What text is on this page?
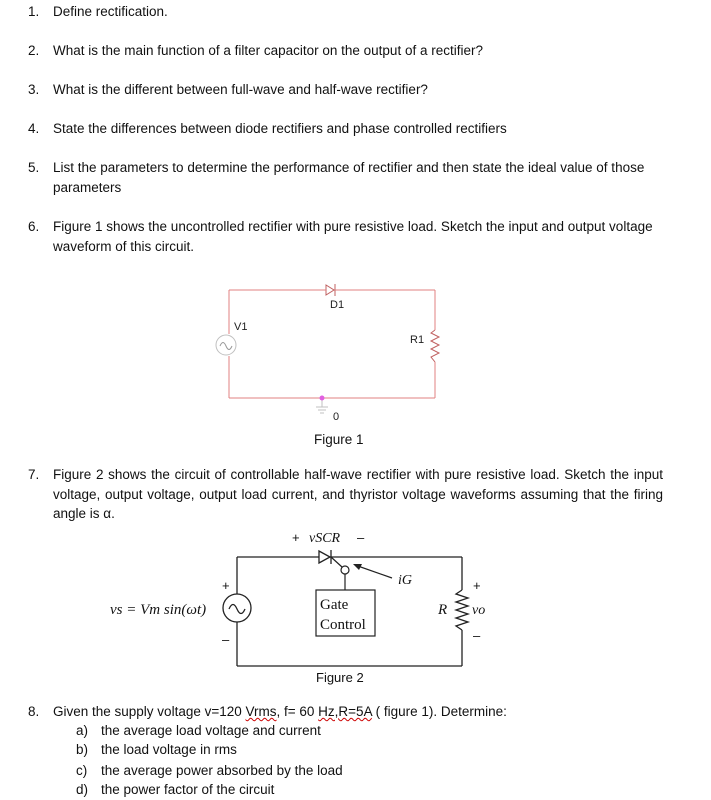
1. Define rectification.
2. What is the main function of a filter capacitor on the output of a rectifier?
3. What is the different between full-wave and half-wave rectifier?
4. State the differences between diode rectifiers and phase controlled rectifiers
5. List the parameters to determine the performance of rectifier and then state the ideal value of those parameters
6. Figure 1 shows the uncontrolled rectifier with pure resistive load. Sketch the input and output voltage waveform of this circuit.
D1
V1
R1
0
Figure 1
7. Figure 2 shows the circuit of controllable half-wave rectifier with pure resistive load. Sketch the input voltage, output voltage, output load current, and thyristor voltage waveforms assuming that the firing angle is α.
Gate
Control
+ vSCR –
iG
+
–
vs = Vm sin(ωt)	R
+
vo
–
Figure 2
8. Given the supply voltage v=120 Vrms, f= 60 Hz,R=5A ( figure 1). Determine:
a) the average load voltage and current
b) the load voltage in rms
c) the average power absorbed by the load
d) the power factor of the circuit
